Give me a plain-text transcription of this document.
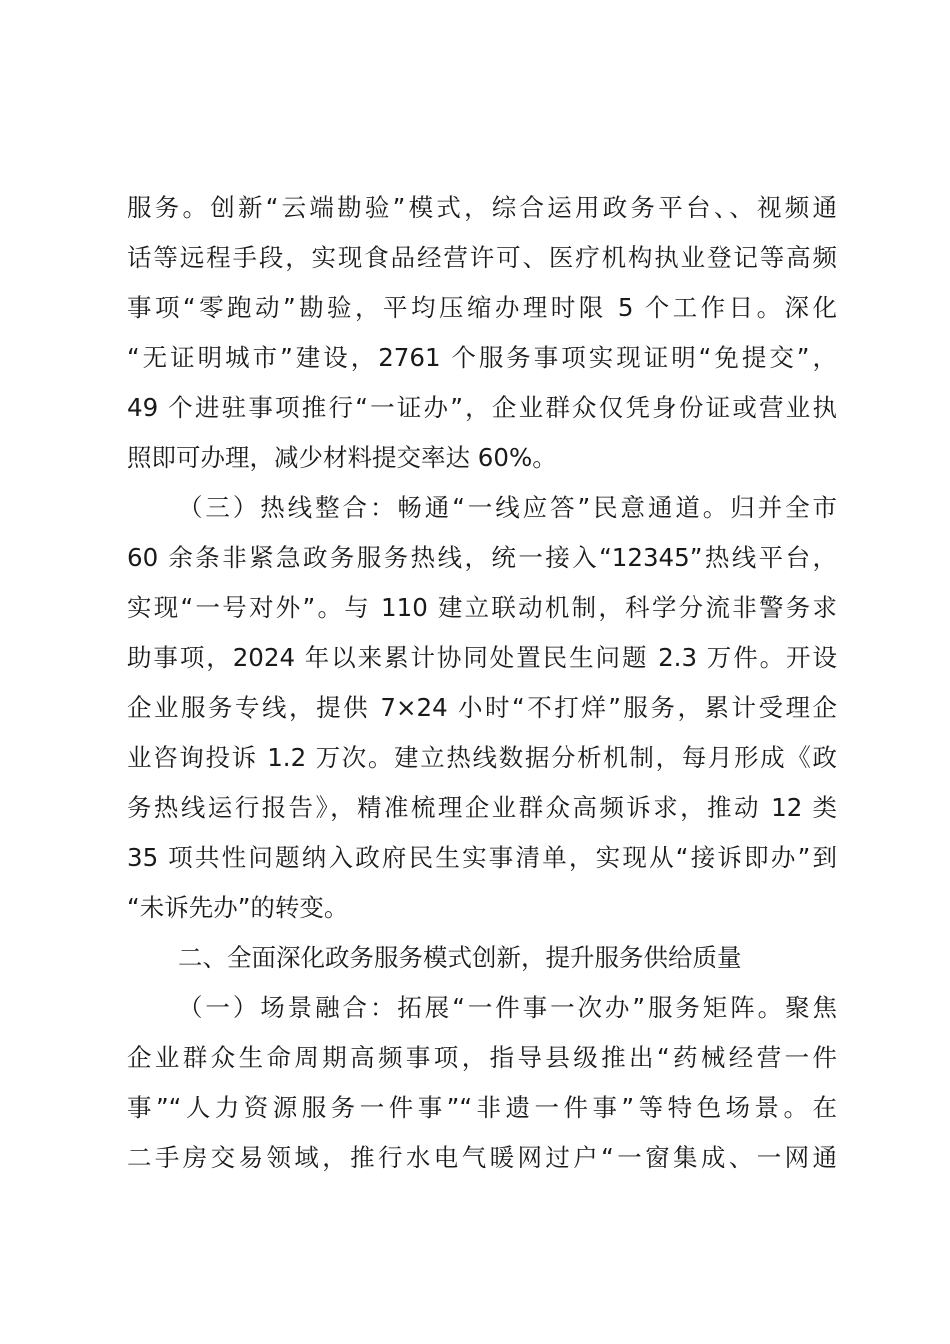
服务。创新“云端勘验”模式，综合运用政务平台、、视频通
话等远程手段，实现食品经营许可、医疗机构执业登记等高频
事项“零跑动”勘验，平均压缩办理时限 5 个工作日。深化
“无证明城市”建设，2761 个服务事项实现证明“免提交”，
49 个进驻事项推行“一证办”，企业群众仅凭身份证或营业执
照即可办理，减少材料提交率达 60%。
（三）热线整合：畅通“一线应答”民意通道。归并全市
60 余条非紧急政务服务热线，统一接入“12345”热线平台，
实现“一号对外”。与 110 建立联动机制，科学分流非警务求
助事项，2024 年以来累计协同处置民生问题 2.3 万件。开设
企业服务专线，提供 7×24 小时“不打烊”服务，累计受理企
业咨询投诉 1.2 万次。建立热线数据分析机制，每月形成《政
务热线运行报告》，精准梳理企业群众高频诉求，推动 12 类
35 项共性问题纳入政府民生实事清单，实现从“接诉即办”到
“未诉先办”的转变。
二、全面深化政务服务模式创新，提升服务供给质量
（一）场景融合：拓展“一件事一次办”服务矩阵。聚焦
企业群众生命周期高频事项，指导县级推出“药械经营一件
事”“人力资源服务一件事”“非遗一件事”等特色场景。在
二手房交易领域，推行水电气暖网过户“一窗集成、一网通
